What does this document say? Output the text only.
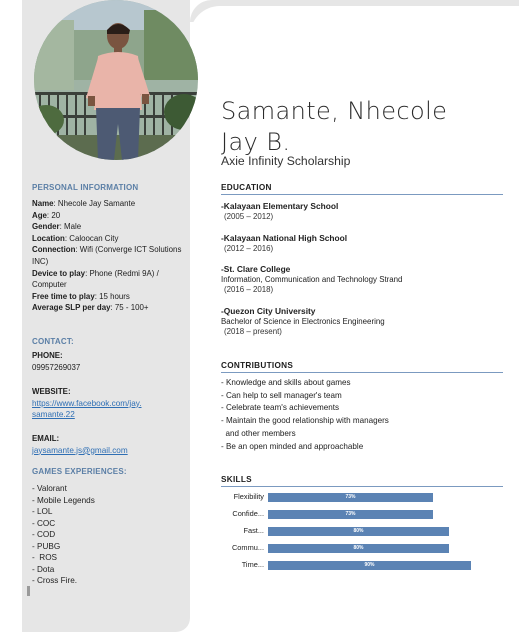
PERSONAL INFORMATION
Name: Nhecole Jay Samante
Age: 20
Gender: Male
Location: Caloocan City
Connection: Wifi (Converge ICT Solutions INC)
Device to play: Phone (Redmi 9A) / Computer
Free time to play: 15 hours
Average SLP per day: 75 - 100+
CONTACT:
PHONE:
09957269037
WEBSITE:
https://www.facebook.com/jay.
samante.22
EMAIL:
jaysamante.js@gmail.com
GAMES EXPERIENCES:
- Valorant
- Mobile Legends
- LOL
- COC
- COD
- PUBG
-  ROS
- Dota
- Cross Fire.
Samante, Nhecole
Jay B.
Axie Infinity Scholarship
EDUCATION
-Kalayaan Elementary School
(2005 – 2012)
-Kalayaan National High School
(2012 – 2016)
-St. Clare College
Information, Communication and Technology Strand
(2016 – 2018)
-Quezon City University
Bachelor of Science in Electronics Engineering
(2018 – present)
CONTRIBUTIONS
- Knowledge and skills about games
- Can help to sell manager's team
- Celebrate team's achievements
- Maintain the good relationship with managers
and other members
- Be an open minded and approachable
SKILLS
Flexibility	73%
Confide...	73%
Fast...	80%
Commu...	80%
Time...	90%
